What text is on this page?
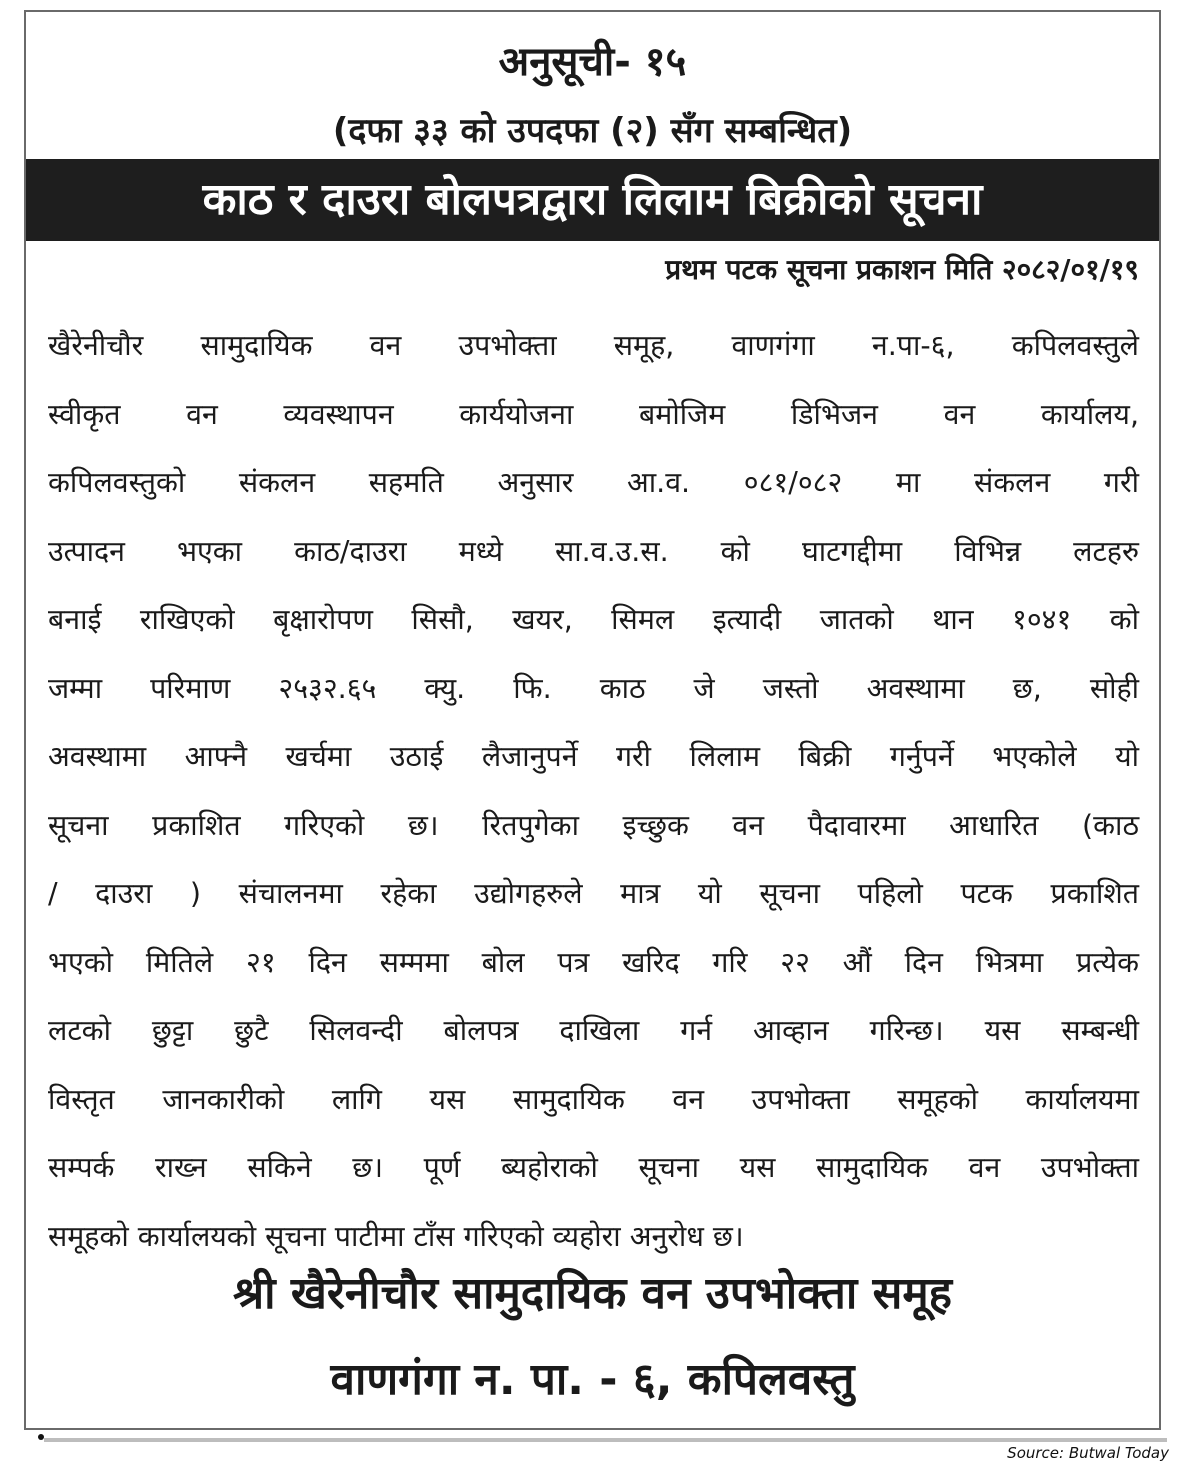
अनुसूची- १५
(दफा ३३ को उपदफा (२) सँग सम्बन्धित)
काठ र दाउरा बोलपत्रद्वारा लिलाम बिक्रीको सूचना
प्रथम पटक सूचना प्रकाशन मिति २०८२/०१/१९
खैरेनीचौर सामुदायिक वन उपभोक्ता समूह, वाणगंगा न.पा-६, कपिलवस्तुले
स्वीकृत वन व्यवस्थापन कार्ययोजना बमोजिम डिभिजन वन कार्यालय,
कपिलवस्तुको संकलन सहमति अनुसार आ.व. ०८१/०८२ मा संकलन गरी
उत्पादन भएका काठ/दाउरा मध्ये सा.व.उ.स. को घाटगद्दीमा विभिन्न लटहरु
बनाई राखिएको बृक्षारोपण सिसौ, खयर, सिमल इत्यादी जातको थान १०४१ को
जम्मा परिमाण २५३२.६५ क्यु. फि. काठ जे जस्तो अवस्थामा छ, सोही
अवस्थामा आफ्नै खर्चमा उठाई लैजानुपर्ने गरी लिलाम बिक्री गर्नुपर्ने भएकोले यो
सूचना प्रकाशित गरिएको छ। रितपुगेका इच्छुक वन पैदावारमा आधारित (काठ
/ दाउरा ) संचालनमा रहेका उद्योगहरुले मात्र यो सूचना पहिलो पटक प्रकाशित
भएको मितिले २१ दिन सम्ममा बोल पत्र खरिद गरि २२ औं दिन भित्रमा प्रत्येक
लटको छुट्टा छुटै सिलवन्दी बोलपत्र दाखिला गर्न आव्हान गरिन्छ। यस सम्बन्धी
विस्तृत जानकारीको लागि यस सामुदायिक वन उपभोक्ता समूहको कार्यालयमा
सम्पर्क राख्न सकिने छ। पूर्ण ब्यहोराको सूचना यस सामुदायिक वन उपभोक्ता
समूहको कार्यालयको सूचना पाटीमा टाँस गरिएको व्यहोरा अनुरोध छ।
श्री खैरेनीचौर सामुदायिक वन उपभोक्ता समूह
वाणगंगा न. पा. - ६, कपिलवस्तु
Source: Butwal Today
